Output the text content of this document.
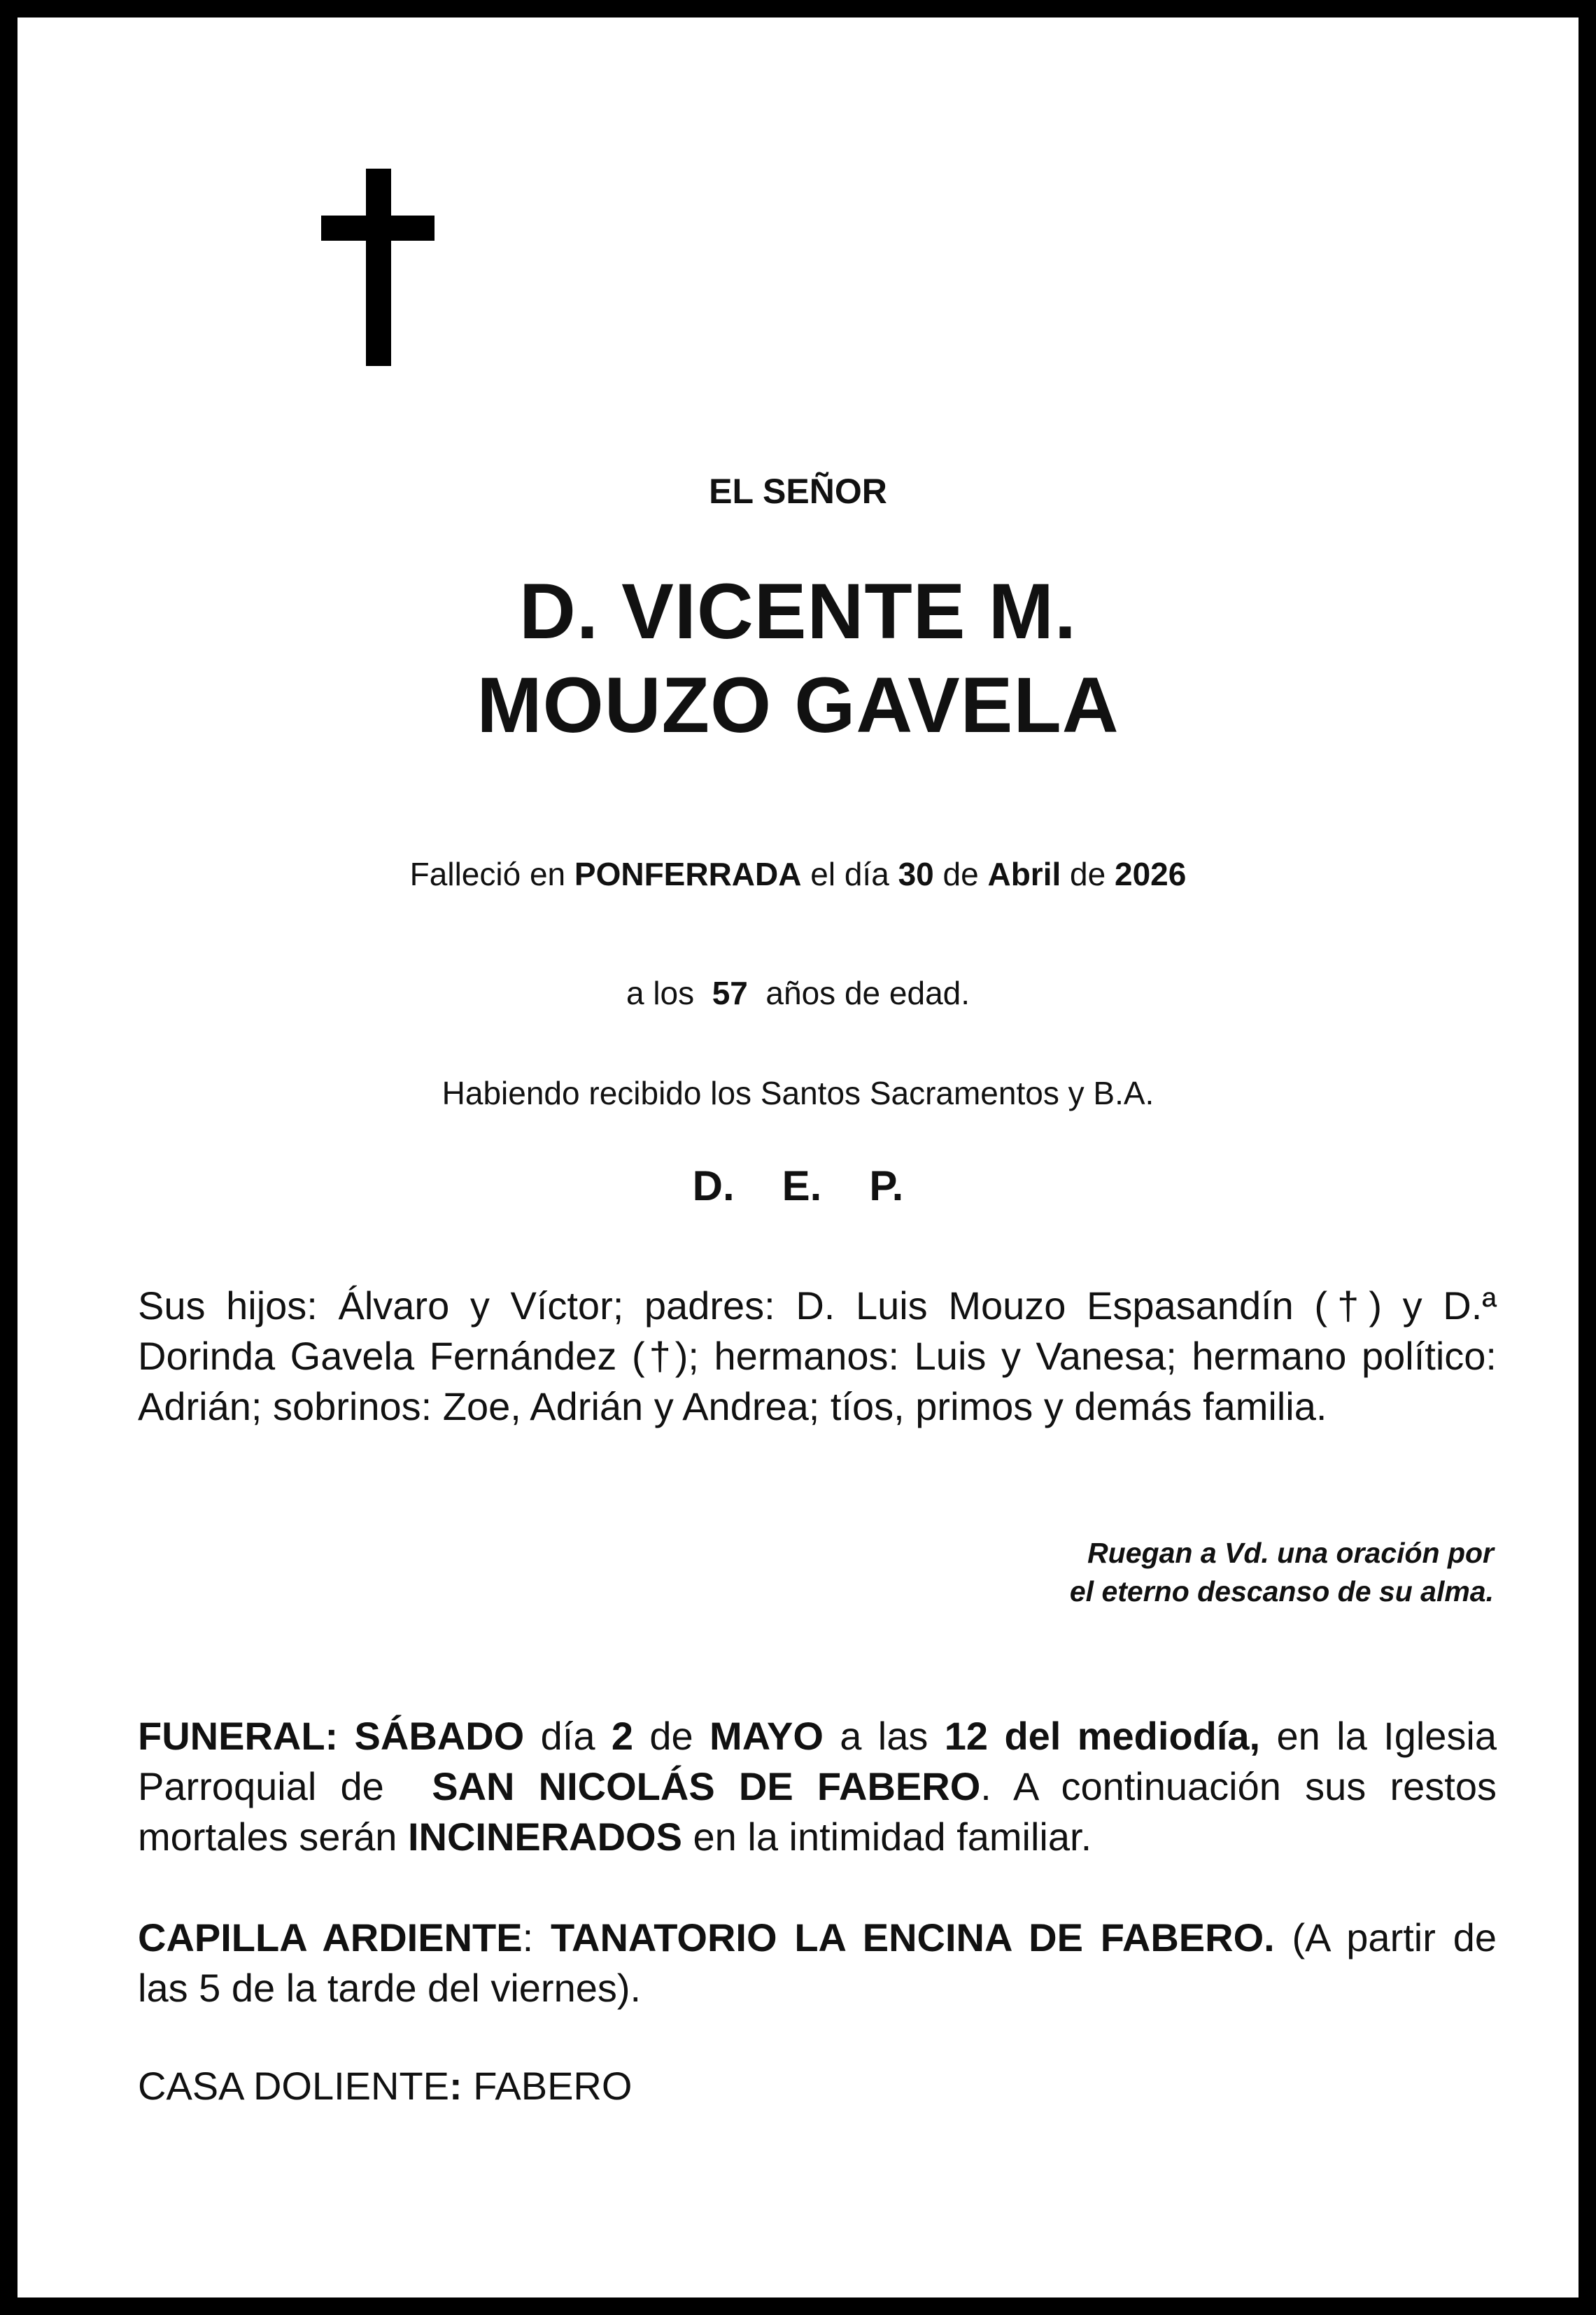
EL SEÑOR
D. VICENTE M.
MOUZO GAVELA
Falleció en PONFERRADA el día 30 de Abril de 2026
a los  57  años de edad.
Habiendo recibido los Santos Sacramentos y B.A.
D. E. P.
Sus hijos: Álvaro y Víctor; padres: D. Luis Mouzo Espasandín (†) y D.ª Dorinda Gavela Fernández (†); hermanos: Luis y Vanesa; hermano político: Adrián; sobrinos: Zoe, Adrián y Andrea; tíos, primos y demás familia.
Ruegan a Vd. una oración por
el eterno descanso de su alma.
FUNERAL: SÁBADO día 2 de MAYO a las 12 del mediodía, en la Iglesia Parroquial de  SAN NICOLÁS DE FABERO. A continuación sus restos mortales serán INCINERADOS en la intimidad familiar.
CAPILLA ARDIENTE: TANATORIO LA ENCINA DE FABERO. (A partir de las 5 de la tarde del viernes).
CASA DOLIENTE: FABERO
